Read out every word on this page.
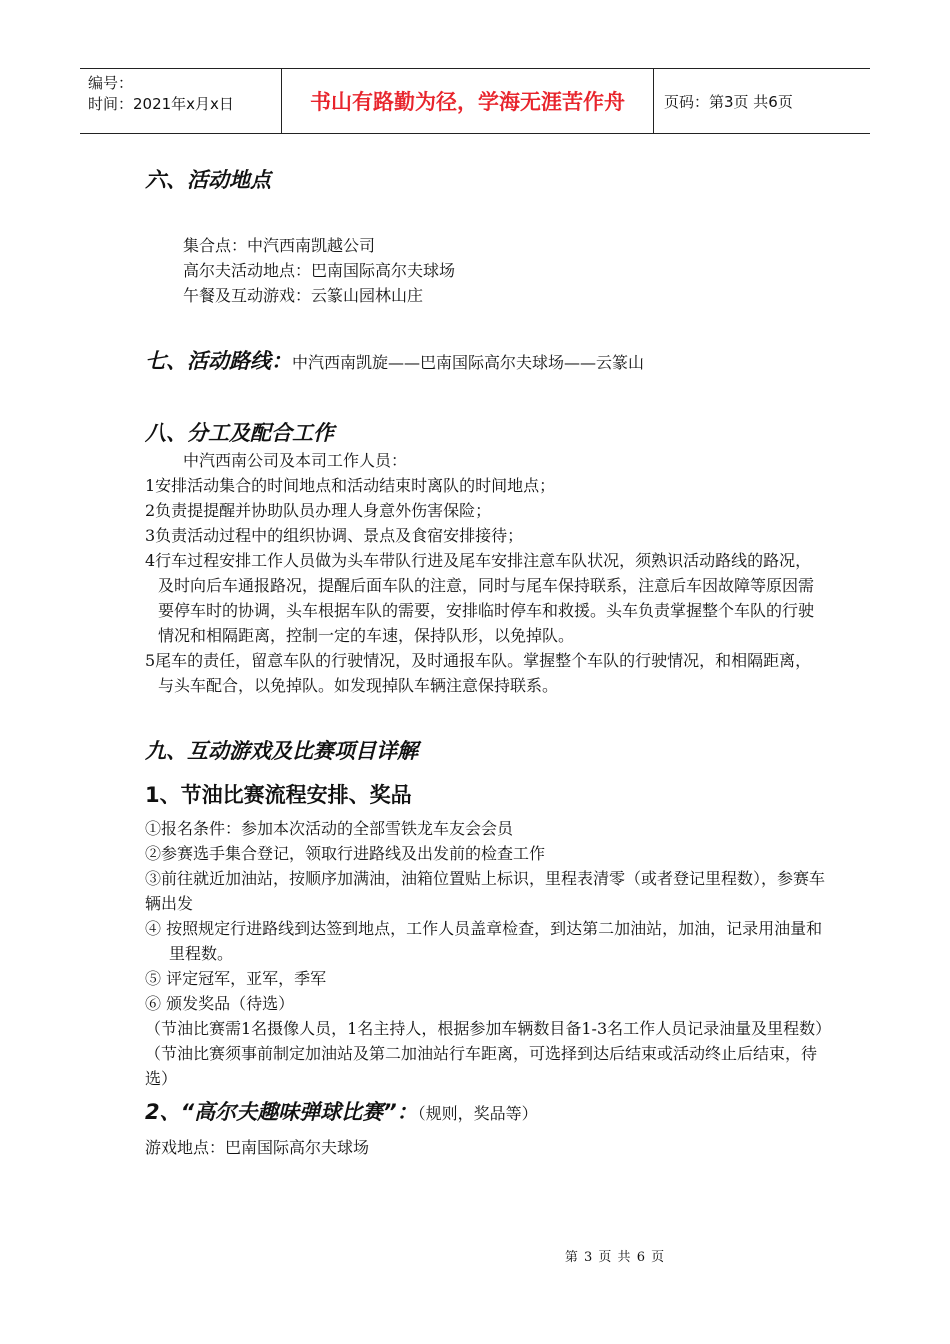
编号：
时间：2021年x月x日	书山有路勤为径，学海无涯苦作舟	页码：第3页 共6页
六、活动地点

集合点：中汽西南凯越公司

高尔夫活动地点：巴南国际高尔夫球场

午餐及互动游戏：云篆山园林山庄

七、活动路线：中汽西南凯旋——巴南国际高尔夫球场——云篆山
八、分工及配合工作

中汽西南公司及本司工作人员：

1安排活动集合的时间地点和活动结束时离队的时间地点；

2负责提提醒并协助队员办理人身意外伤害保险；

3负责活动过程中的组织协调、景点及食宿安排接待；

4行车过程安排工作人员做为头车带队行进及尾车安排注意车队状况，须熟识活动路线的路况，及时向后车通报路况，提醒后面车队的注意，同时与尾车保持联系，注意后车因故障等原因需要停车时的协调，头车根据车队的需要，安排临时停车和救援。头车负责掌握整个车队的行驶情况和相隔距离，控制一定的车速，保持队形，以免掉队。

5尾车的责任，留意车队的行驶情况，及时通报车队。掌握整个车队的行驶情况，和相隔距离，与头车配合，以免掉队。如发现掉队车辆注意保持联系。

九、互动游戏及比赛项目详解
1、节油比赛流程安排、奖品

①报名条件：参加本次活动的全部雪铁龙车友会会员

②参赛选手集合登记，领取行进路线及出发前的检查工作

③前往就近加油站，按顺序加满油，油箱位置贴上标识，里程表清零（或者登记里程数），参赛车辆出发

④ 按照规定行进路线到达签到地点，工作人员盖章检查，到达第二加油站，加油，记录用油量和里程数。

⑤ 评定冠军，亚军，季军

⑥ 颁发奖品（待选）

（节油比赛需1名摄像人员，1名主持人，根据参加车辆数目备1-3名工作人员记录油量及里程数）

（节油比赛须事前制定加油站及第二加油站行车距离，可选择到达后结束或活动终止后结束，待选）

2、“高尔夫趣味弹球比赛”：（规则，奖品等）

游戏地点：巴南国际高尔夫球场

第 3 页 共 6 页
